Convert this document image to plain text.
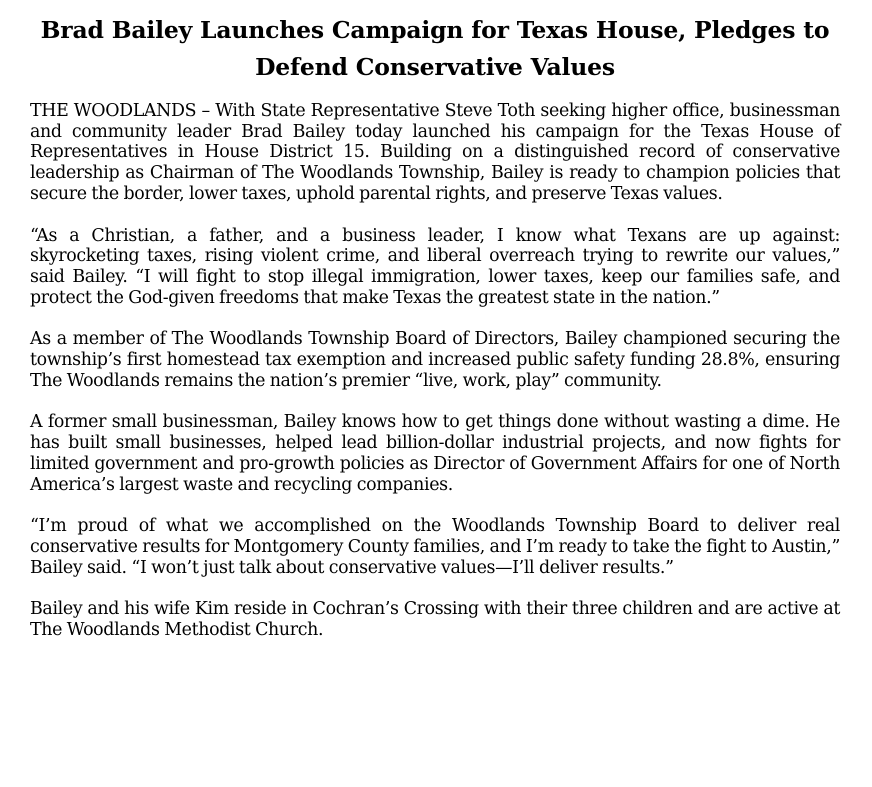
Brad Bailey Launches Campaign for Texas House, Pledges to Defend Conservative Values

THE WOODLANDS – With State Representative Steve Toth seeking higher office, businessman and community leader Brad Bailey today launched his campaign for the Texas House of Representatives in House District 15. Building on a distinguished record of conservative leadership as Chairman of The Woodlands Township, Bailey is ready to champion policies that secure the border, lower taxes, uphold parental rights, and preserve Texas values.

“As a Christian, a father, and a business leader, I know what Texans are up against: skyrocketing taxes, rising violent crime, and liberal overreach trying to rewrite our values,” said Bailey. “I will fight to stop illegal immigration, lower taxes, keep our families safe, and protect the God-given freedoms that make Texas the greatest state in the nation.”

As a member of The Woodlands Township Board of Directors, Bailey championed securing the township’s first homestead tax exemption and increased public safety funding 28.8%, ensuring The Woodlands remains the nation’s premier “live, work, play” community.

A former small businessman, Bailey knows how to get things done without wasting a dime. He has built small businesses, helped lead billion-dollar industrial projects, and now fights for limited government and pro-growth policies as Director of Government Affairs for one of North America’s largest waste and recycling companies.

“I’m proud of what we accomplished on the Woodlands Township Board to deliver real conservative results for Montgomery County families, and I’m ready to take the fight to Austin,” Bailey said. “I won’t just talk about conservative values—I’ll deliver results.”

Bailey and his wife Kim reside in Cochran’s Crossing with their three children and are active at The Woodlands Methodist Church.
